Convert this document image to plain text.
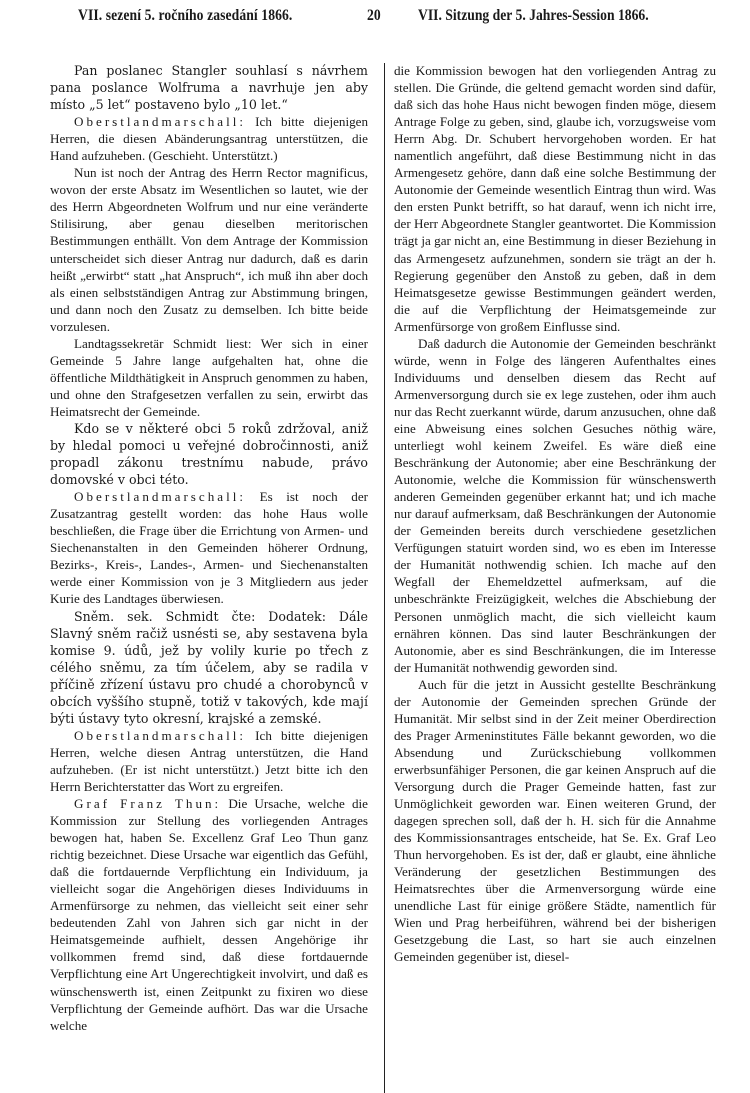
VII. sezení 5. ročního zasedání 1866.	20 VII. Sitzung der 5. Jahres-Session 1866.

Pan poslanec Stangler souhlasí s návrhem pana poslance Wolfruma a navrhuje jen aby místo „5 let“ postaveno bylo „10 let.“

Oberstlandmarschall: Ich bitte diejenigen Herren, die diesen Abänderungsantrag unterstützen, die Hand aufzuheben. (Geschieht. Unterstützt.)

Nun ist noch der Antrag des Herrn Rector magnificus, wovon der erste Absatz im Wesentlichen so lautet, wie der des Herrn Abgeordneten Wolfrum und nur eine veränderte Stilisirung, aber genau dieselben meritorischen Bestimmungen enthällt. Von dem Antrage der Kommission unterscheidet sich dieser Antrag nur dadurch, daß es darin heißt „erwirbt“ statt „hat Anspruch“, ich muß ihn aber doch als einen selbstständigen Antrag zur Abstimmung bringen, und dann noch den Zusatz zu demselben. Ich bitte beide vorzulesen.

Landtagssekretär Schmidt liest: Wer sich in einer Gemeinde 5 Jahre lange aufgehalten hat, ohne die öffentliche Mildthätigkeit in Anspruch genommen zu haben, und ohne den Strafgesetzen verfallen zu sein, erwirbt das Heimatsrecht der Gemeinde.

Kdo se v některé obci 5 roků zdržoval, aniž by hledal pomoci u veřejné dobročinnosti, aniž propadl zákonu trestnímu nabude, právo domovské v obci této.

Oberstlandmarschall: Es ist noch der Zusatzantrag gestellt worden: das hohe Haus wolle beschließen, die Frage über die Errichtung von Armen- und Siechenanstalten in den Gemeinden höherer Ordnung, Bezirks-, Kreis-, Landes-, Armen- und Siechenanstalten werde einer Kommission von je 3 Mitgliedern aus jeder Kurie des Landtages überwiesen.

Sněm. sek. Schmidt čte: Dodatek: Dále Slavný sněm račiž usnésti se, aby sestavena byla komise 9. údů, jež by volily kurie po třech z célého sněmu, za tím účelem, aby se radila v příčině zřízení ústavu pro chudé a chorobynců v obcích vyššího stupně, totiž v takových, kde mají býti ústavy tyto okresní, krajské a zemské.

Oberstlandmarschall: Ich bitte diejenigen Herren, welche diesen Antrag unterstützen, die Hand aufzuheben. (Er ist nicht unterstützt.) Jetzt bitte ich den Herrn Berichterstatter das Wort zu ergreifen.

Graf Franz Thun: Die Ursache, welche die Kommission zur Stellung des vorliegenden Antrages bewogen hat, haben Se. Excellenz Graf Leo Thun ganz richtig bezeichnet. Diese Ursache war eigentlich das Gefühl, daß die fortdauernde Verpflichtung ein Individuum, ja vielleicht sogar die Angehörigen dieses Individuums in Armenfürsorge zu nehmen, das vielleicht seit einer sehr bedeutenden Zahl von Jahren sich gar nicht in der Heimatsgemeinde aufhielt, dessen Angehörige ihr vollkommen fremd sind, daß diese fortdauernde Verpflichtung eine Art Ungerechtigkeit involvirt, und daß es wünschenswerth ist, einen Zeitpunkt zu fixiren wo diese Verpflichtung der Gemeinde aufhört. Das war die Ursache welche

die Kommission bewogen hat den vorliegenden Antrag zu stellen. Die Gründe, die geltend gemacht worden sind dafür, daß sich das hohe Haus nicht bewogen finden möge, diesem Antrage Folge zu geben, sind, glaube ich, vorzugsweise vom Herrn Abg. Dr. Schubert hervorgehoben worden. Er hat namentlich angeführt, daß diese Bestimmung nicht in das Armengesetz gehöre, dann daß eine solche Bestimmung der Autonomie der Gemeinde wesentlich Eintrag thun wird. Was den ersten Punkt betrifft, so hat darauf, wenn ich nicht irre, der Herr Abgeordnete Stangler geantwortet. Die Kommission trägt ja gar nicht an, eine Bestimmung in dieser Beziehung in das Armengesetz aufzunehmen, sondern sie trägt an der h. Regierung gegenüber den Anstoß zu geben, daß in dem Heimatsgesetze gewisse Bestimmungen geändert werden, die auf die Verpflichtung der Heimatsgemeinde zur Armenfürsorge von großem Einflusse sind.

Daß dadurch die Autonomie der Gemeinden beschränkt würde, wenn in Folge des längeren Aufenthaltes eines Individuums und denselben diesem das Recht auf Armenversorgung durch sie ex lege zustehen, oder ihm auch nur das Recht zuerkannt würde, darum anzusuchen, ohne daß eine Abweisung eines solchen Gesuches nöthig wäre, unterliegt wohl keinem Zweifel. Es wäre dieß eine Beschränkung der Autonomie; aber eine Beschränkung der Autonomie, welche die Kommission für wünschenswerth anderen Gemeinden gegenüber erkannt hat; und ich mache nur darauf aufmerksam, daß Beschränkungen der Autonomie der Gemeinden bereits durch verschiedene gesetzlichen Verfügungen statuirt worden sind, wo es eben im Interesse der Humanität nothwendig schien. Ich mache auf den Wegfall der Ehemeldzettel aufmerksam, auf die unbeschränkte Freizügigkeit, welches die Abschiebung der Personen unmöglich macht, die sich vielleicht kaum ernähren können. Das sind lauter Beschränkungen der Autonomie, aber es sind Beschränkungen, die im Interesse der Humanität nothwendig geworden sind.

Auch für die jetzt in Aussicht gestellte Beschränkung der Autonomie der Gemeinden sprechen Gründe der Humanität. Mir selbst sind in der Zeit meiner Oberdirection des Prager Armeninstitutes Fälle bekannt geworden, wo die Absendung und Zurückschiebung vollkommen erwerbsunfähiger Personen, die gar keinen Anspruch auf die Versorgung durch die Prager Gemeinde hatten, fast zur Unmöglichkeit geworden war. Einen weiteren Grund, der dagegen sprechen soll, daß der h. H. sich für die Annahme des Kommissionsantrages entscheide, hat Se. Ex. Graf Leo Thun hervorgehoben. Es ist der, daß er glaubt, eine ähnliche Veränderung der gesetzlichen Bestimmungen des Heimatsrechtes über die Armenversorgung würde eine unendliche Last für einige größere Städte, namentlich für Wien und Prag herbeiführen, während bei der bisherigen Gesetzgebung die Last, so hart sie auch einzelnen Gemeinden gegenüber ist, diesel-
